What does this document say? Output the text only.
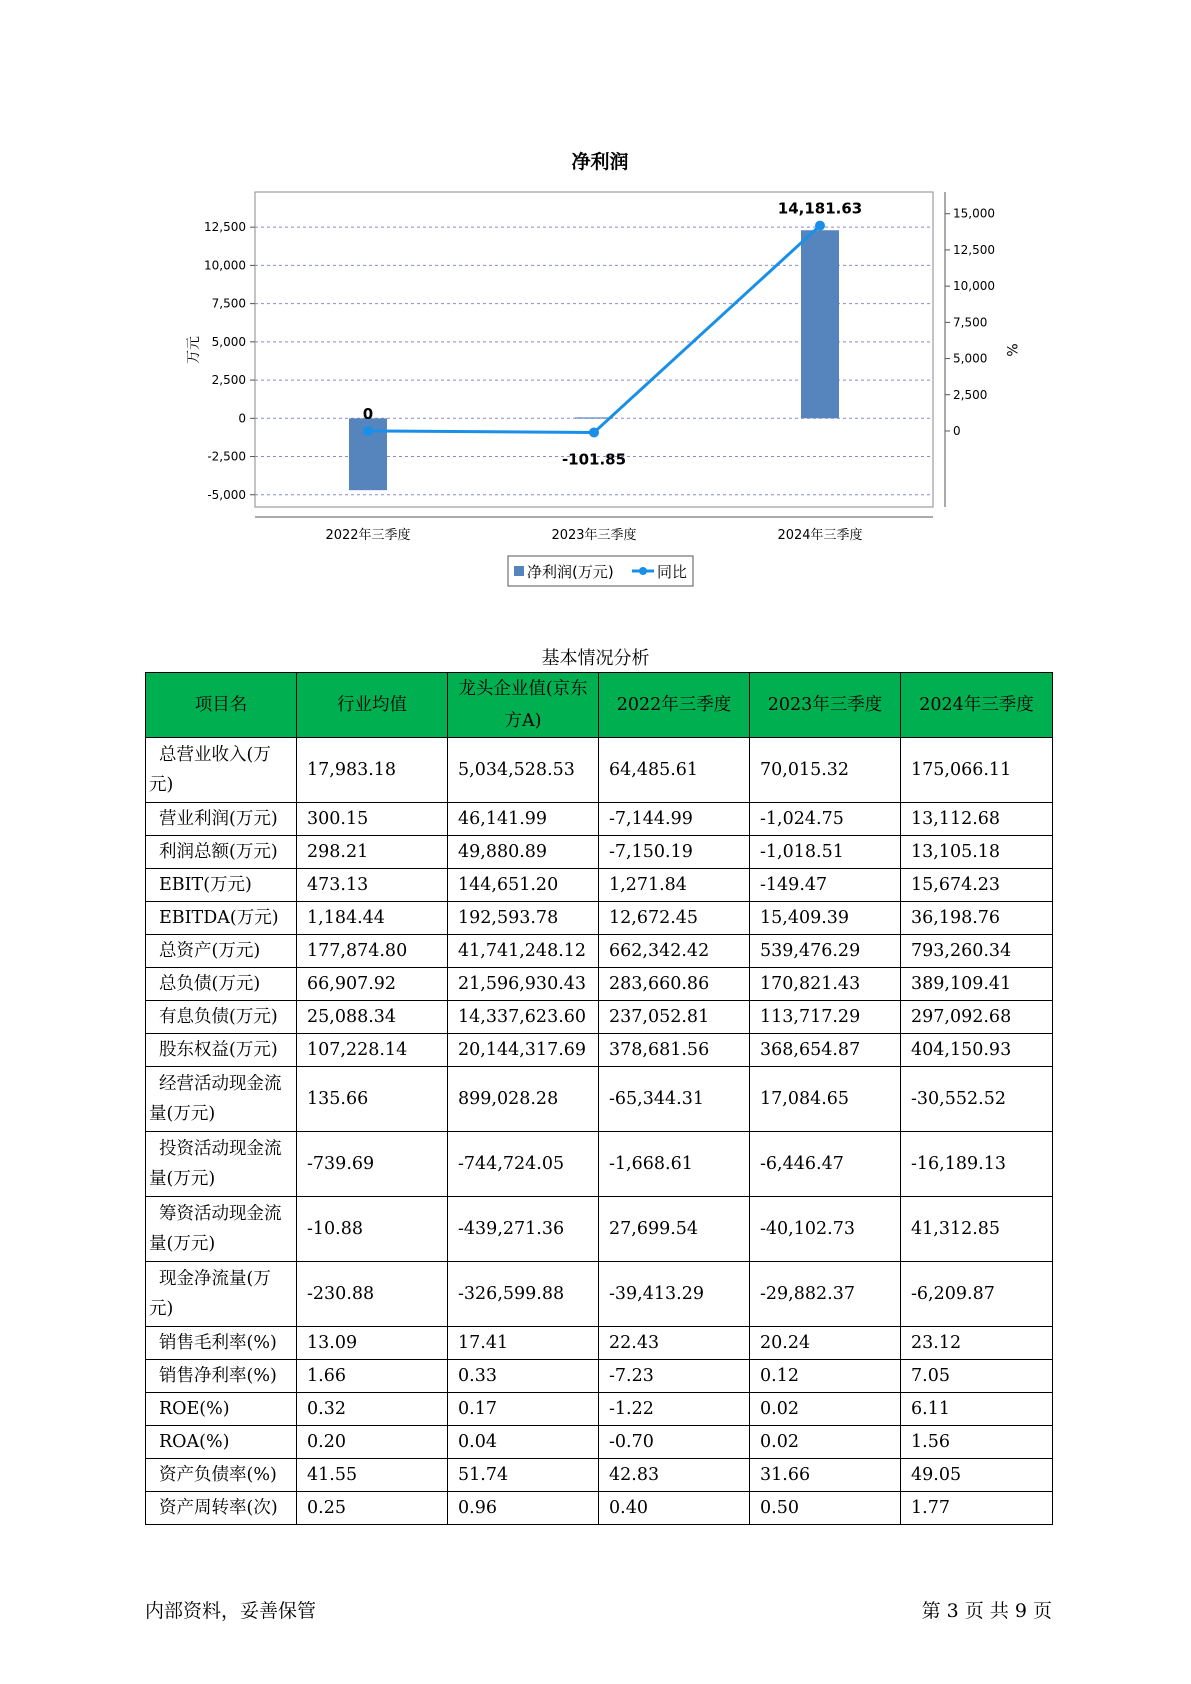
净利润
0
-101.85
14,181.63
12,500
10,000
7,500
5,000
2,500
0
-2,500
-5,000
15,000
12,500
10,000
7,500
5,000
2,500
0
2022年三季度	2023年三季度	2024年三季度
万元	%
净利润(万元)	同比
基本情况分析
项目名	行业均值	龙头企业值(京东方A)	2022年三季度	2023年三季度	2024年三季度
总营业收入(万元)	17,983.18	5,034,528.53	64,485.61	70,015.32	175,066.11
营业利润(万元)	300.15	46,141.99	-7,144.99	-1,024.75	13,112.68
利润总额(万元)	298.21	49,880.89	-7,150.19	-1,018.51	13,105.18
EBIT(万元)	473.13	144,651.20	1,271.84	-149.47	15,674.23
EBITDA(万元)	1,184.44	192,593.78	12,672.45	15,409.39	36,198.76
总资产(万元)	177,874.80	41,741,248.12	662,342.42	539,476.29	793,260.34
总负债(万元)	66,907.92	21,596,930.43	283,660.86	170,821.43	389,109.41
有息负债(万元)	25,088.34	14,337,623.60	237,052.81	113,717.29	297,092.68
股东权益(万元)	107,228.14	20,144,317.69	378,681.56	368,654.87	404,150.93
经营活动现金流量(万元)	135.66	899,028.28	-65,344.31	17,084.65	-30,552.52
投资活动现金流量(万元)	-739.69	-744,724.05	-1,668.61	-6,446.47	-16,189.13
筹资活动现金流量(万元)	-10.88	-439,271.36	27,699.54	-40,102.73	41,312.85
现金净流量(万元)	-230.88	-326,599.88	-39,413.29	-29,882.37	-6,209.87
销售毛利率(%)	13.09	17.41	22.43	20.24	23.12
销售净利率(%)	1.66	0.33	-7.23	0.12	7.05
ROE(%)	0.32	0.17	-1.22	0.02	6.11
ROA(%)	0.20	0.04	-0.70	0.02	1.56
资产负债率(%)	41.55	51.74	42.83	31.66	49.05
资产周转率(次)	0.25	0.96	0.40	0.50	1.77
内部资料，妥善保管	第 3 页 共 9 页
